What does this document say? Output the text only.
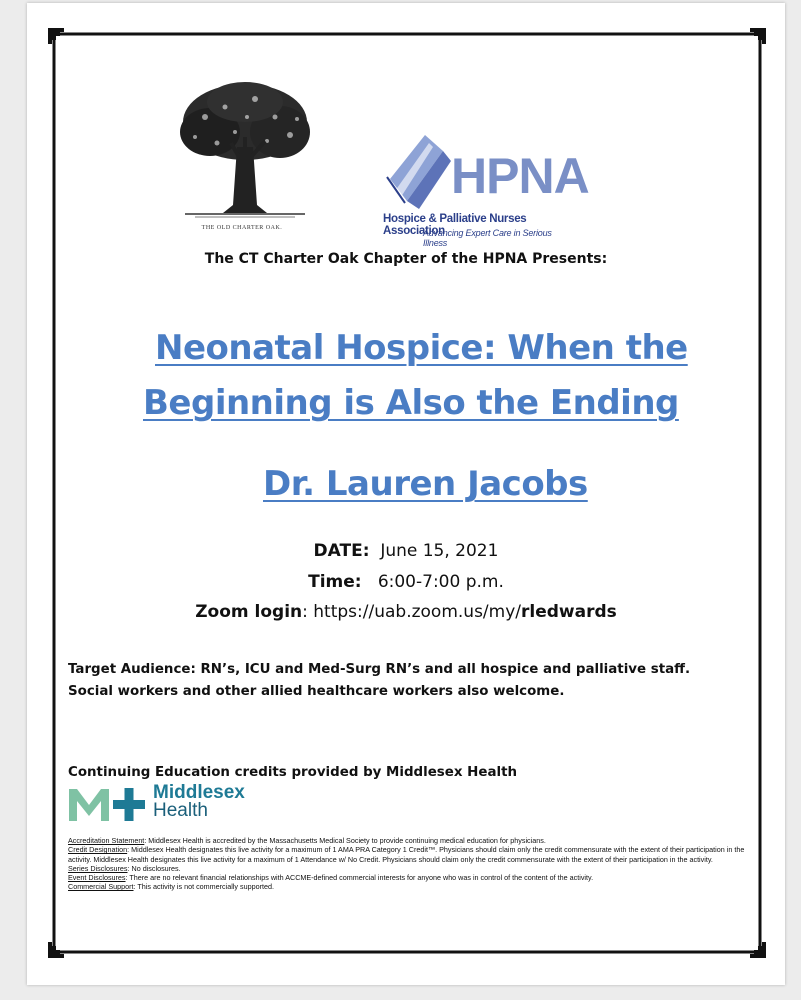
THE OLD CHARTER OAK.
HPNA
Hospice & Palliative Nurses Association
Advancing Expert Care in Serious Illness
The CT Charter Oak Chapter of the HPNA Presents:
Neonatal Hospice: When the
Beginning is Also the Ending
Dr. Lauren Jacobs
DATE: June 15, 2021
Time: 6:00-7:00 p.m.
Zoom login: https://uab.zoom.us/my/rledwards
Target Audience: RN’s, ICU and Med-Surg RN’s and all hospice and palliative staff. Social workers and other allied healthcare workers also welcome.
Continuing Education credits provided by Middlesex Health
Middlesex
Health
Accreditation Statement: Middlesex Health is accredited by the Massachusetts Medical Society to provide continuing medical education for physicians.
Credit Designation: Middlesex Health designates this live activity for a maximum of 1 AMA PRA Category 1 Credit™. Physicians should claim only the credit commensurate with the extent of their participation in the activity. Middlesex Health designates this live activity for a maximum of 1 Attendance w/ No Credit. Physicians should claim only the credit commensurate with the extent of their participation in the activity.
Series Disclosures: No disclosures.
Event Disclosures: There are no relevant financial relationships with ACCME-defined commercial interests for anyone who was in control of the content of the activity.
Commercial Support: This activity is not commercially supported.
